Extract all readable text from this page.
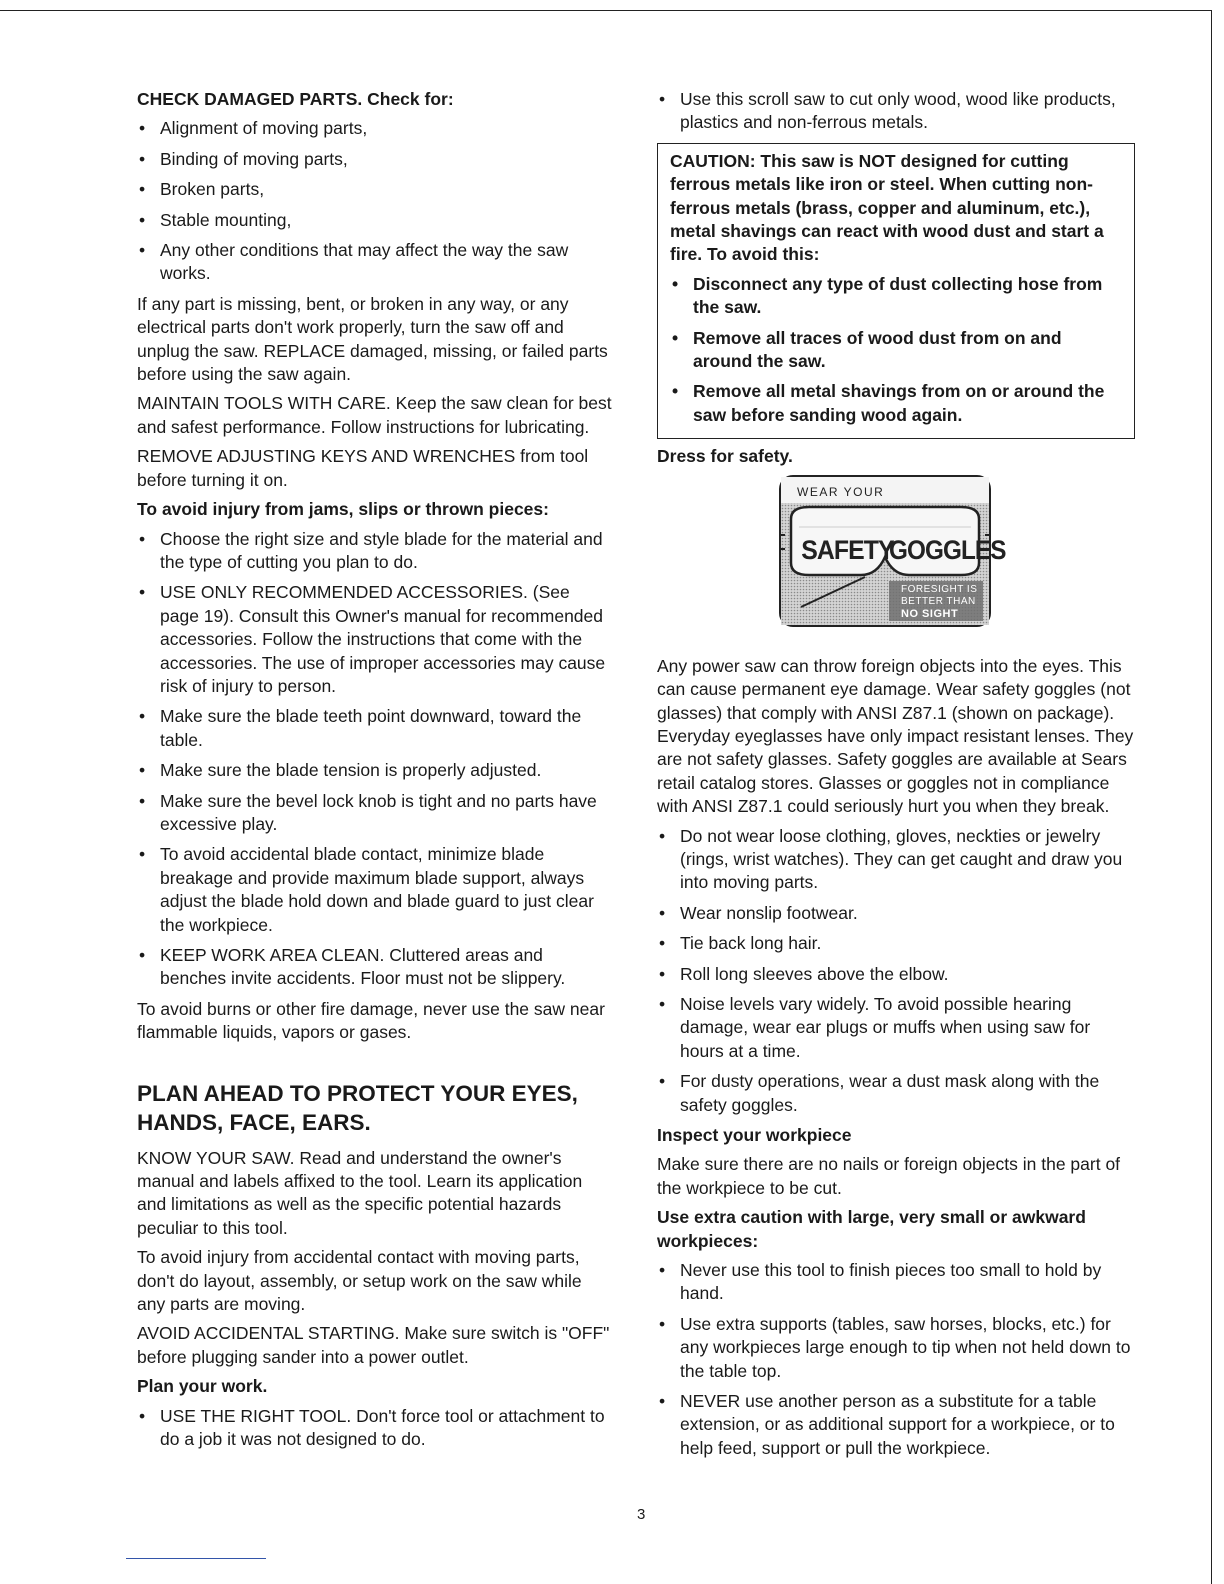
CHECK DAMAGED PARTS. Check for:

• Alignment of moving parts,
• Binding of moving parts,
• Broken parts,
• Stable mounting,
• Any other conditions that may affect the way the saw works.

If any part is missing, bent, or broken in any way, or any electrical parts don't work properly, turn the saw off and unplug the saw. REPLACE damaged, missing, or failed parts before using the saw again.

MAINTAIN TOOLS WITH CARE. Keep the saw clean for best and safest performance. Follow instructions for lubricating.

REMOVE ADJUSTING KEYS AND WRENCHES from tool before turning it on.

To avoid injury from jams, slips or thrown pieces:

• Choose the right size and style blade for the material and the type of cutting you plan to do.
• USE ONLY RECOMMENDED ACCESSORIES. (See page 19). Consult this Owner's manual for recommended accessories. Follow the instructions that come with the accessories. The use of improper accessories may cause risk of injury to person.
• Make sure the blade teeth point downward, toward the table.
• Make sure the blade tension is properly adjusted.
• Make sure the bevel lock knob is tight and no parts have excessive play.
• To avoid accidental blade contact, minimize blade breakage and provide maximum blade support, always adjust the blade hold down and blade guard to just clear the workpiece.
• KEEP WORK AREA CLEAN. Cluttered areas and benches invite accidents. Floor must not be slippery.

To avoid burns or other fire damage, never use the saw near flammable liquids, vapors or gases.

PLAN AHEAD TO PROTECT YOUR EYES, HANDS, FACE, EARS.

KNOW YOUR SAW. Read and understand the owner's manual and labels affixed to the tool. Learn its application and limitations as well as the specific potential hazards peculiar to this tool.

To avoid injury from accidental contact with moving parts, don't do layout, assembly, or setup work on the saw while any parts are moving.

AVOID ACCIDENTAL STARTING. Make sure switch is "OFF" before plugging sander into a power outlet.

Plan your work.

• USE THE RIGHT TOOL. Don't force tool or attachment to do a job it was not designed to do.
• Use this scroll saw to cut only wood, wood like products, plastics and non-ferrous metals.

CAUTION: This saw is NOT designed for cutting ferrous metals like iron or steel. When cutting non-ferrous metals (brass, copper and aluminum, etc.), metal shavings can react with wood dust and start a fire. To avoid this:

• Disconnect any type of dust collecting hose from the saw.
• Remove all traces of wood dust from on and around the saw.
• Remove all metal shavings from on or around the saw before sanding wood again.

Dress for safety.

WEAR YOUR
SAFETY
GOGGLES
FORESIGHT IS
BETTER THAN
NO SIGHT

Any power saw can throw foreign objects into the eyes. This can cause permanent eye damage. Wear safety goggles (not glasses) that comply with ANSI Z87.1 (shown on package). Everyday eyeglasses have only impact resistant lenses. They are not safety glasses. Safety goggles are available at Sears retail catalog stores. Glasses or goggles not in compliance with ANSI Z87.1 could seriously hurt you when they break.

• Do not wear loose clothing, gloves, neckties or jewelry (rings, wrist watches). They can get caught and draw you into moving parts.
• Wear nonslip footwear.
• Tie back long hair.
• Roll long sleeves above the elbow.
• Noise levels vary widely. To avoid possible hearing damage, wear ear plugs or muffs when using saw for hours at a time.
• For dusty operations, wear a dust mask along with the safety goggles.

Inspect your workpiece

Make sure there are no nails or foreign objects in the part of the workpiece to be cut.

Use extra caution with large, very small or awkward workpieces:

• Never use this tool to finish pieces too small to hold by hand.
• Use extra supports (tables, saw horses, blocks, etc.) for any workpieces large enough to tip when not held down to the table top.
• NEVER use another person as a substitute for a table extension, or as additional support for a workpiece, or to help feed, support or pull the workpiece.
3
